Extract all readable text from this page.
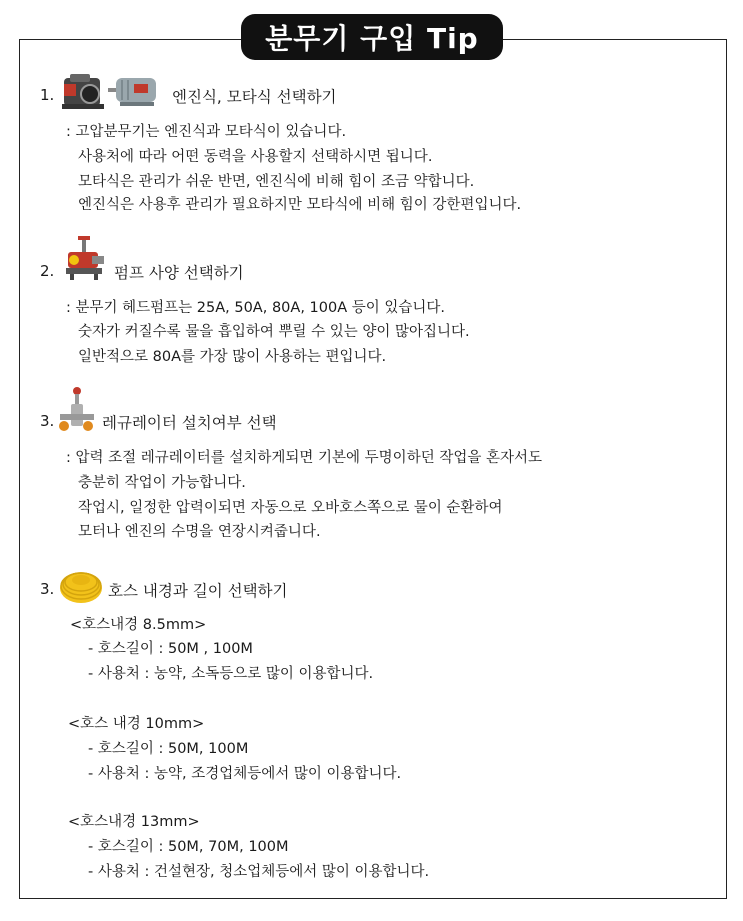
분무기 구입 Tip
1.	엔진식, 모타식 선택하기
: 고압분무기는 엔진식과 모타식이 있습니다.
사용처에 따라 어떤 동력을 사용할지 선택하시면 됩니다.
모타식은 관리가 쉬운 반면, 엔진식에 비해 힘이 조금 약합니다.
엔진식은 사용후 관리가 필요하지만 모타식에 비해 힘이 강한편입니다.
2.	펌프 사양 선택하기
: 분무기 헤드펌프는 25A, 50A, 80A, 100A 등이 있습니다.
숫자가 커질수록 물을 흡입하여 뿌릴 수 있는 양이 많아집니다.
일반적으로 80A를 가장 많이 사용하는 편입니다.
3.	레규레이터 설치여부 선택
: 압력 조절 레규레이터를 설치하게되면 기본에 두명이하던 작업을 혼자서도
충분히 작업이 가능합니다.
작업시, 일정한 압력이되면 자동으로 오바호스쪽으로 물이 순환하여
모터나 엔진의 수명을 연장시켜줍니다.
3.	호스 내경과 길이 선택하기
<호스내경 8.5mm>
- 호스길이 : 50M , 100M
- 사용처 : 농약, 소독등으로 많이 이용합니다.
<호스 내경 10mm>
- 호스길이 : 50M, 100M
- 사용처 : 농약, 조경업체등에서 많이 이용합니다.
<호스내경 13mm>
- 호스길이 : 50M, 70M, 100M
- 사용처 : 건설현장, 청소업체등에서 많이 이용합니다.
